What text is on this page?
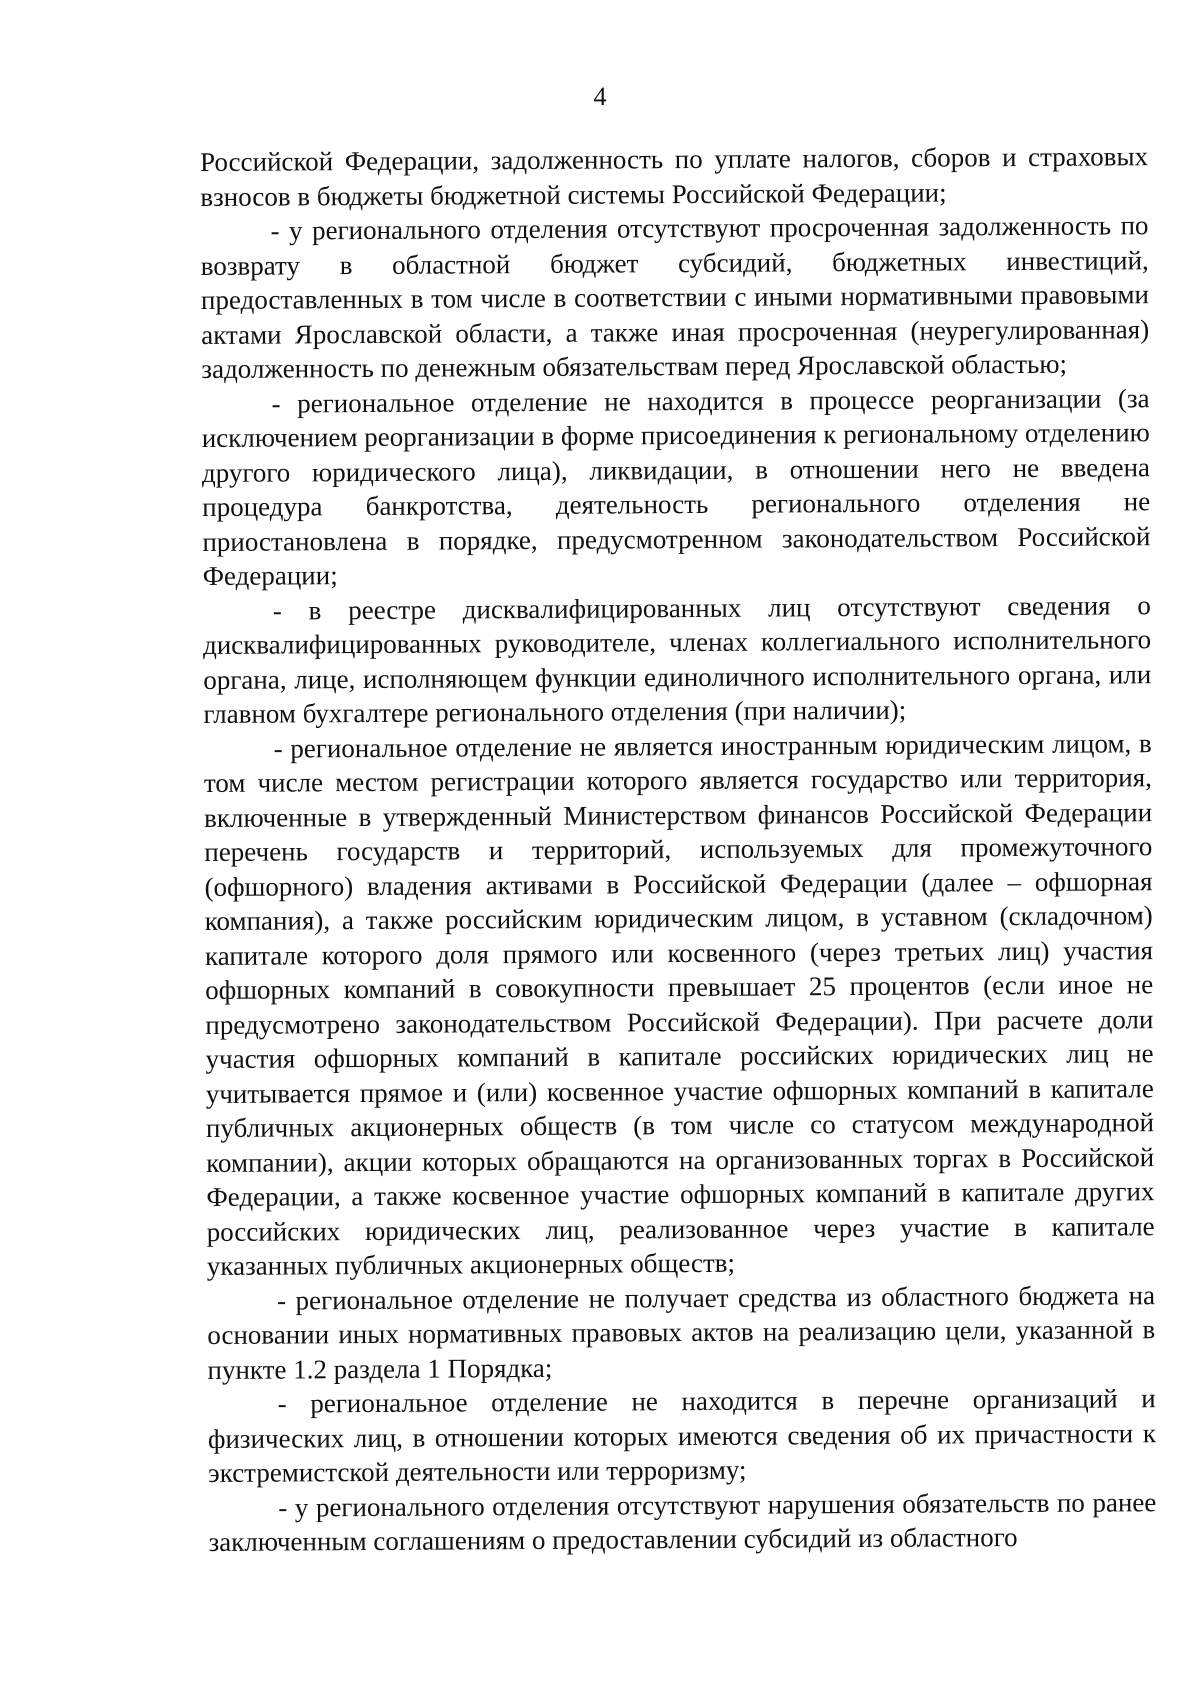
4

Российской Федерации, задолженность по уплате налогов, сборов и страховых взносов в бюджеты бюджетной системы Российской Федерации;

- у регионального отделения отсутствуют просроченная задолженность по возврату в областной бюджет субсидий, бюджетных инвестиций, предоставленных в том числе в соответствии с иными нормативными правовыми актами Ярославской области, а также иная просроченная (неурегулированная) задолженность по денежным обязательствам перед Ярославской областью;

- региональное отделение не находится в процессе реорганизации (за исключением реорганизации в форме присоединения к региональному отделению другого юридического лица), ликвидации, в отношении него не введена процедура банкротства, деятельность регионального отделения не приостановлена в порядке, предусмотренном законодательством Российской Федерации;

- в реестре дисквалифицированных лиц отсутствуют сведения о дисквалифицированных руководителе, членах коллегиального исполнительного органа, лице, исполняющем функции единоличного исполнительного органа, или главном бухгалтере регионального отделения (при наличии);

- региональное отделение не является иностранным юридическим лицом, в том числе местом регистрации которого является государство или территория, включенные в утвержденный Министерством финансов Российской Федерации перечень государств и территорий, используемых для промежуточного (офшорного) владения активами в Российской Федерации (далее – офшорная компания), а также российским юридическим лицом, в уставном (складочном) капитале которого доля прямого или косвенного (через третьих лиц) участия офшорных компаний в совокупности превышает 25 процентов (если иное не предусмотрено законодательством Российской Федерации). При расчете доли участия офшорных компаний в капитале российских юридических лиц не учитывается прямое и (или) косвенное участие офшорных компаний в капитале публичных акционерных обществ (в том числе со статусом международной компании), акции которых обращаются на организованных торгах в Российской Федерации, а также косвенное участие офшорных компаний в капитале других российских юридических лиц, реализованное через участие в капитале указанных публичных акционерных обществ;

- региональное отделение не получает средства из областного бюджета на основании иных нормативных правовых актов на реализацию цели, указанной в пункте 1.2 раздела 1 Порядка;

- региональное отделение не находится в перечне организаций и физических лиц, в отношении которых имеются сведения об их причастности к экстремистской деятельности или терроризму;

- у регионального отделения отсутствуют нарушения обязательств по ранее заключенным соглашениям о предоставлении субсидий из областного
